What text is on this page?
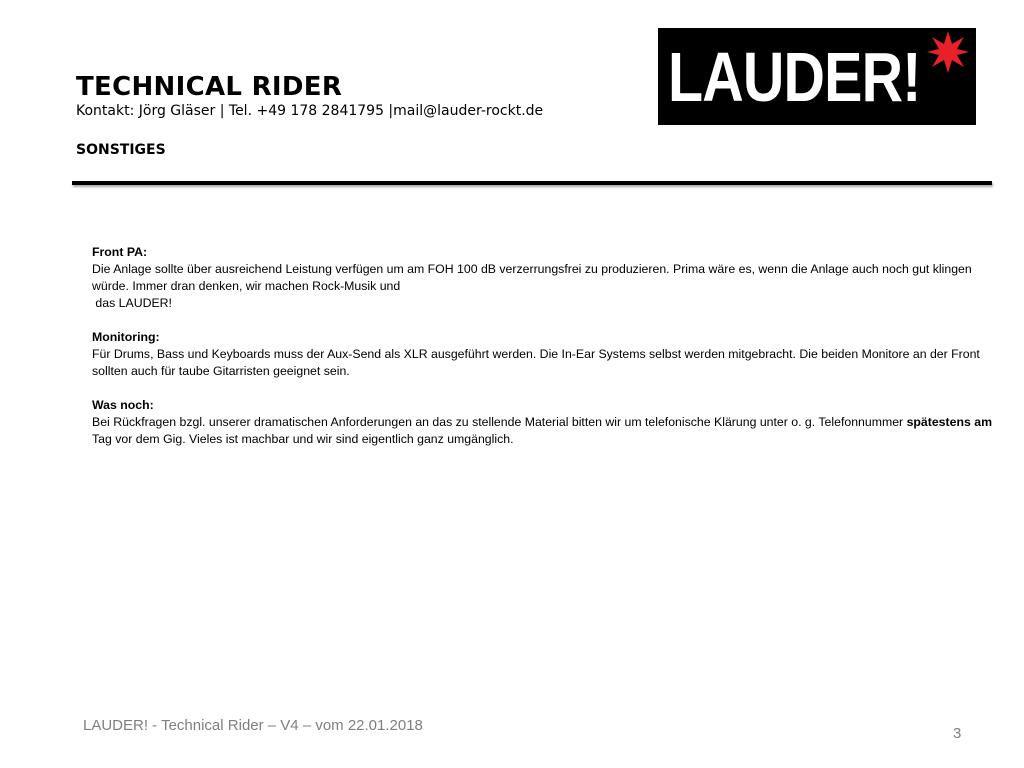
TECHNICAL RIDER
Kontakt: Jörg Gläser | Tel. +49 178 2841795 |mail@lauder-rockt.de
SONSTIGES
LAUDER!

Front PA:
Die Anlage sollte über ausreichend Leistung verfügen um am FOH 100 dB verzerrungsfrei zu produzieren. Prima wäre es, wenn die Anlage auch noch gut klingen würde. Immer dran denken, wir machen Rock-Musik und
das LAUDER!

Monitoring:
Für Drums, Bass und Keyboards muss der Aux-Send als XLR ausgeführt werden. Die In-Ear Systems selbst werden mitgebracht. Die beiden Monitore an der Front sollten auch für taube Gitarristen geeignet sein.

Was noch:
Bei Rückfragen bzgl. unserer dramatischen Anforderungen an das zu stellende Material bitten wir um telefonische Klärung unter o. g. Telefonnummer spätestens am Tag vor dem Gig. Vieles ist machbar und wir sind eigentlich ganz umgänglich.

LAUDER! - Technical Rider – V4 – vom 22.01.2018	3
